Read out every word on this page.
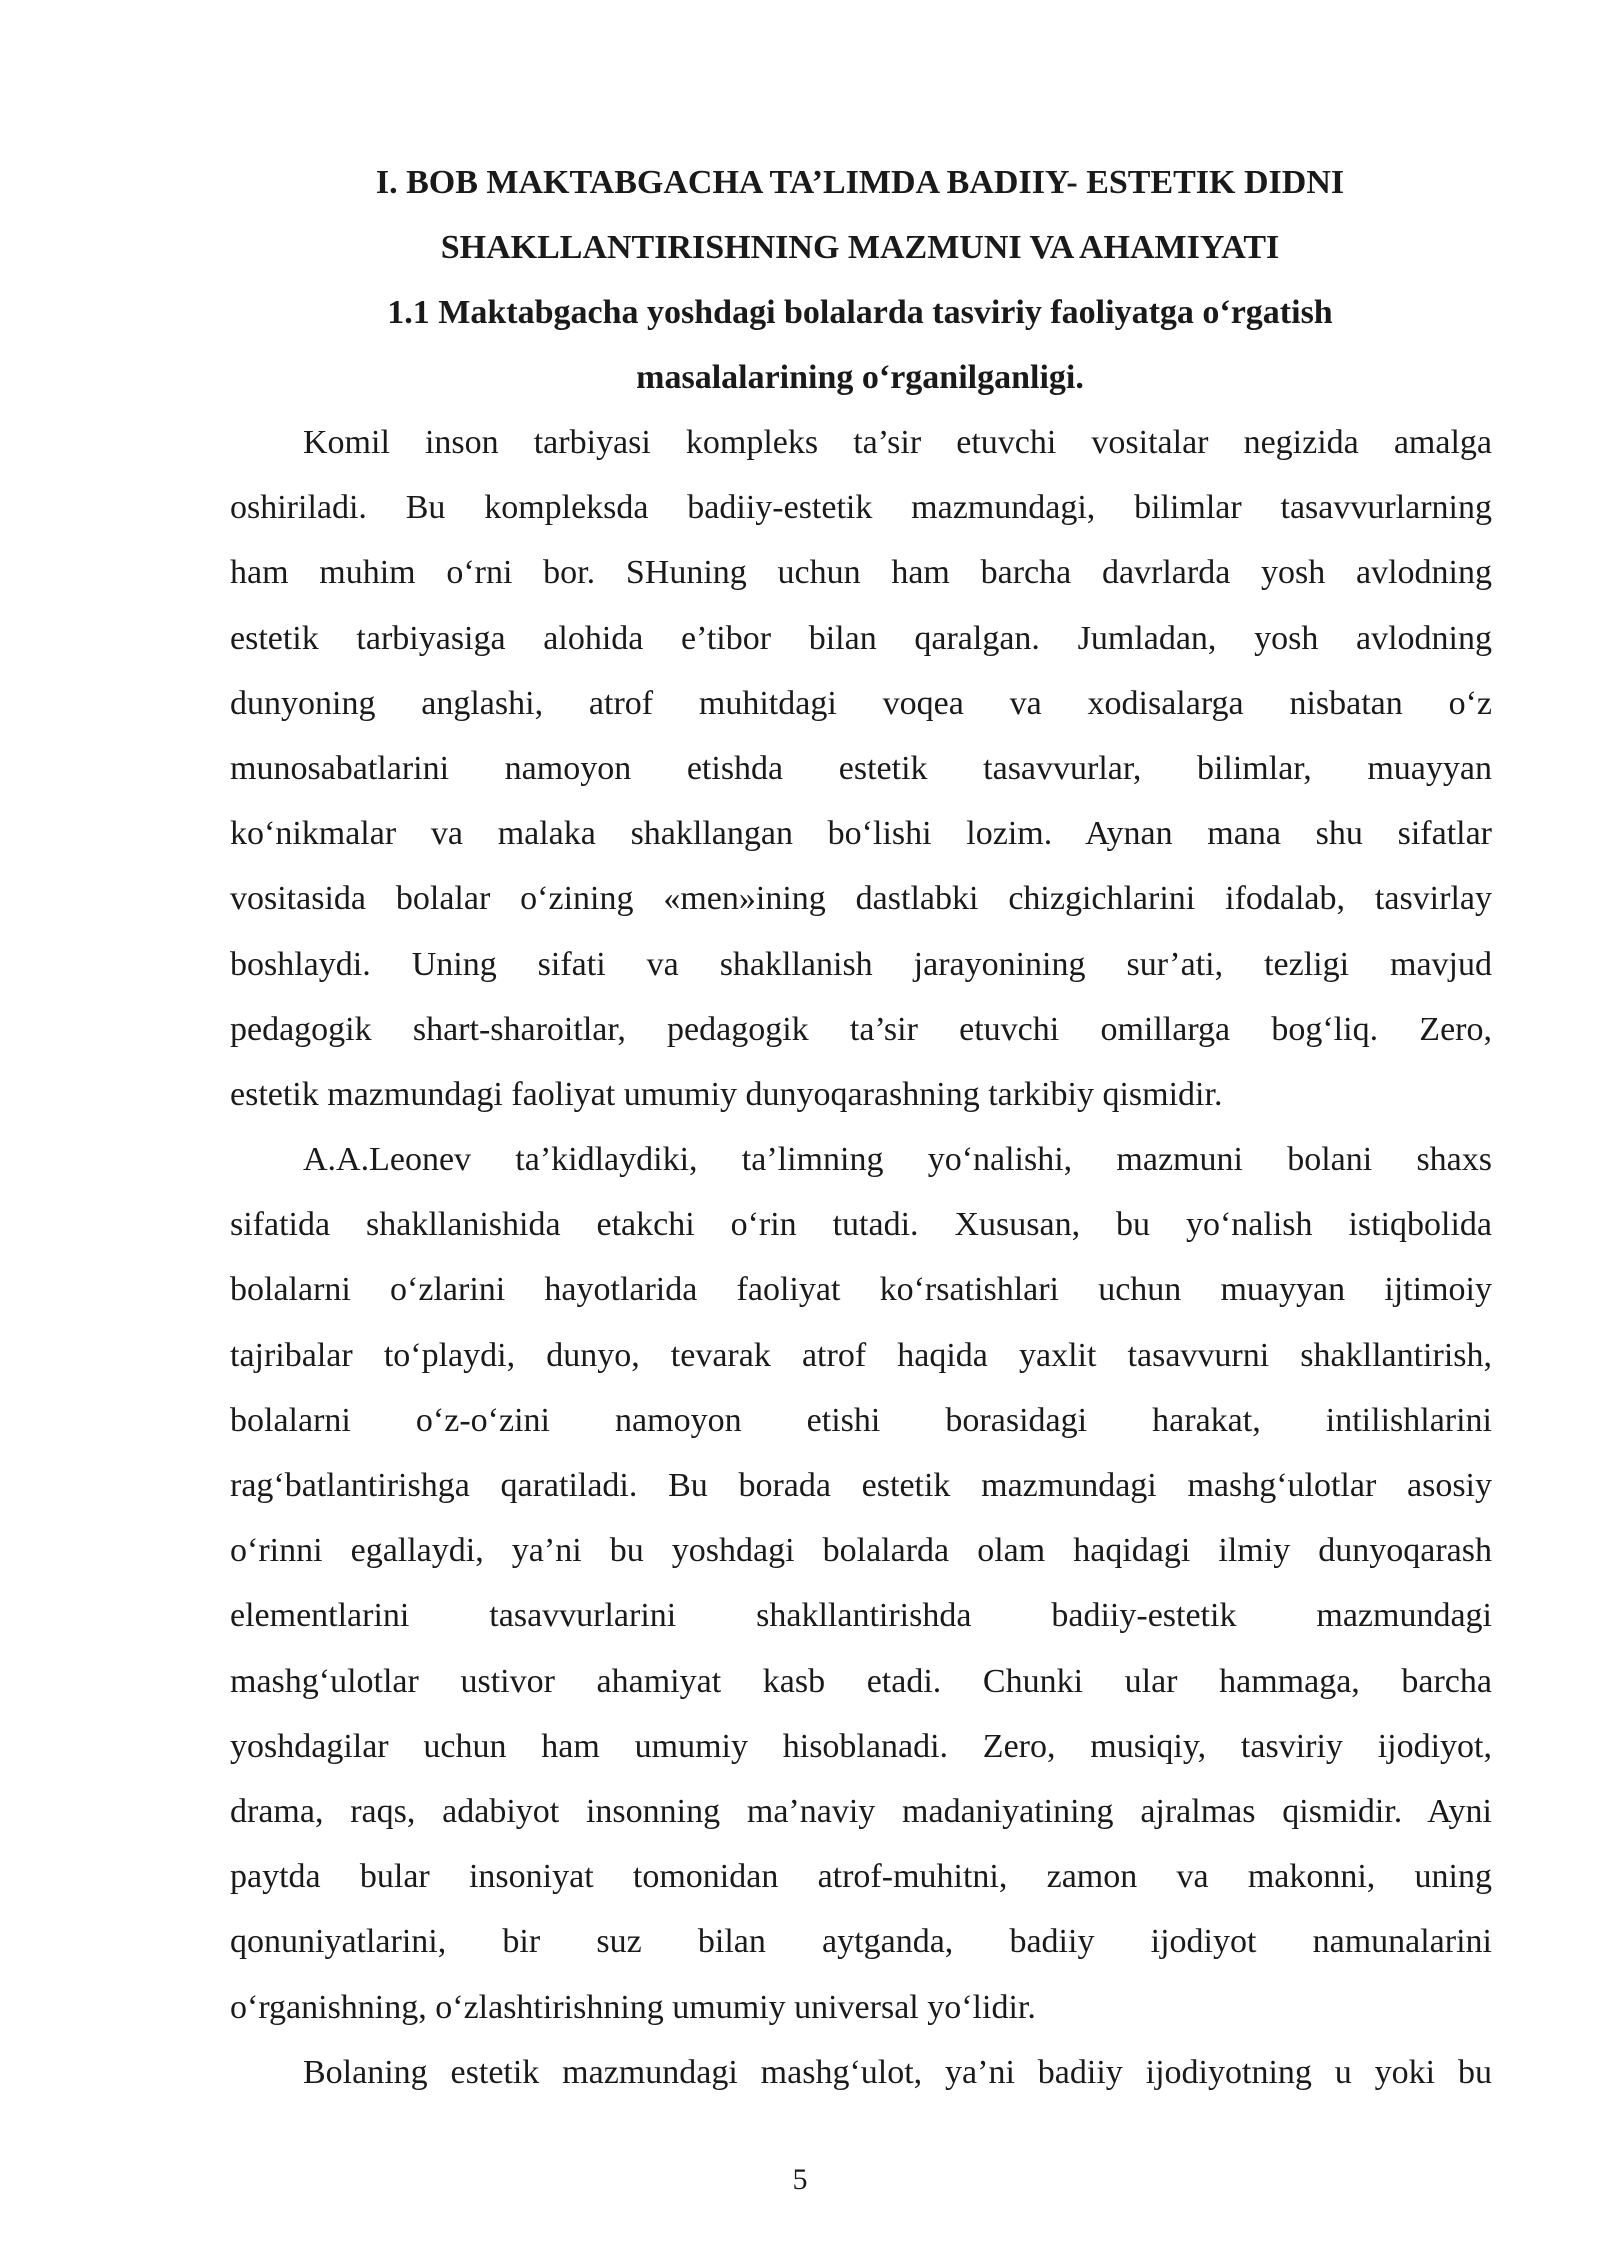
I. BOB MAKTABGACHA TA’LIMDA BADIIY- ESTETIK DIDNI
SHAKLLANTIRISHNING MAZMUNI VA AHAMIYATI
1.1 Maktabgacha yoshdagi bolalarda tasviriy faoliyatga o‘rgatish
masalalarining o‘rganilganligi.

Komil inson tarbiyasi kompleks ta’sir etuvchi vositalar negizida amalga
oshiriladi. Bu kompleksda badiiy-estetik mazmundagi, bilimlar tasavvurlarning
ham muhim o‘rni bor. SHuning uchun ham barcha davrlarda yosh avlodning
estetik tarbiyasiga alohida e’tibor bilan qaralgan. Jumladan, yosh avlodning
dunyoning anglashi, atrof muhitdagi voqea va xodisalarga nisbatan o‘z
munosabatlarini namoyon etishda estetik tasavvurlar, bilimlar, muayyan
ko‘nikmalar va malaka shakllangan bo‘lishi lozim. Aynan mana shu sifatlar
vositasida bolalar o‘zining «men»ining dastlabki chizgichlarini ifodalab, tasvirlay
boshlaydi. Uning sifati va shakllanish jarayonining sur’ati, tezligi mavjud
pedagogik shart-sharoitlar, pedagogik ta’sir etuvchi omillarga bog‘liq. Zero,
estetik mazmundagi faoliyat umumiy dunyoqarashning tarkibiy qismidir.

A.A.Leonev ta’kidlaydiki, ta’limning yo‘nalishi, mazmuni bolani shaxs
sifatida shakllanishida etakchi o‘rin tutadi. Xususan, bu yo‘nalish istiqbolida
bolalarni o‘zlarini hayotlarida faoliyat ko‘rsatishlari uchun muayyan ijtimoiy
tajribalar to‘playdi, dunyo, tevarak atrof haqida yaxlit tasavvurni shakllantirish,
bolalarni o‘z-o‘zini namoyon etishi borasidagi harakat, intilishlarini
rag‘batlantirishga qaratiladi. Bu borada estetik mazmundagi mashg‘ulotlar asosiy
o‘rinni egallaydi, ya’ni bu yoshdagi bolalarda olam haqidagi ilmiy dunyoqarash
elementlarini tasavvurlarini shakllantirishda badiiy-estetik mazmundagi
mashg‘ulotlar ustivor ahamiyat kasb etadi. Chunki ular hammaga, barcha
yoshdagilar uchun ham umumiy hisoblanadi. Zero, musiqiy, tasviriy ijodiyot,
drama, raqs, adabiyot insonning ma’naviy madaniyatining ajralmas qismidir. Ayni
paytda bular insoniyat tomonidan atrof-muhitni, zamon va makonni, uning
qonuniyatlarini, bir suz bilan aytganda, badiiy ijodiyot namunalarini
o‘rganishning, o‘zlashtirishning umumiy universal yo‘lidir.

Bolaning estetik mazmundagi mashg‘ulot, ya’ni badiiy ijodiyotning u yoki bu

5
